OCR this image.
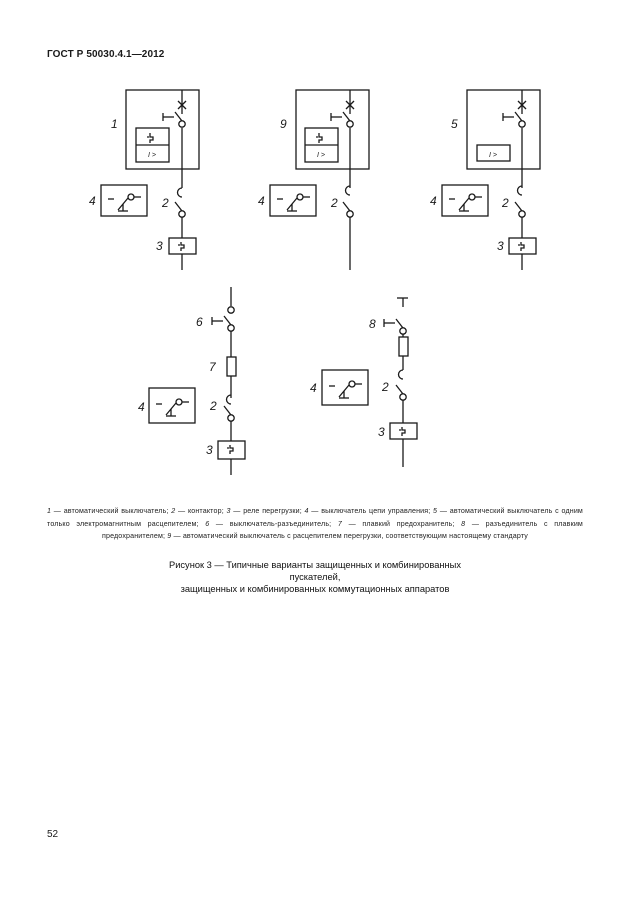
ГОСТ Р 50030.4.1—2012
I >
1
2
3
4
I >
9
2
4
I >
5
2
3
4
6
7
2
3
4
8
2
3
4
1 — автоматический выключатель; 2 — контактор; 3 — реле перегрузки; 4 — выключатель цепи управления; 5 — автоматический выключатель с одним только электромагнитным расцепителем; 6 — выключатель-разъединитель; 7 — плавкий предохранитель; 8 — разъединитель с плавким предохранителем; 9 — автоматический выключатель с расцепителем перегрузки, соответствующим настоящему стандарту
Рисунок 3 — Типичные варианты защищенных и комбинированных пускателей,
защищенных и комбинированных коммутационных аппаратов
52
